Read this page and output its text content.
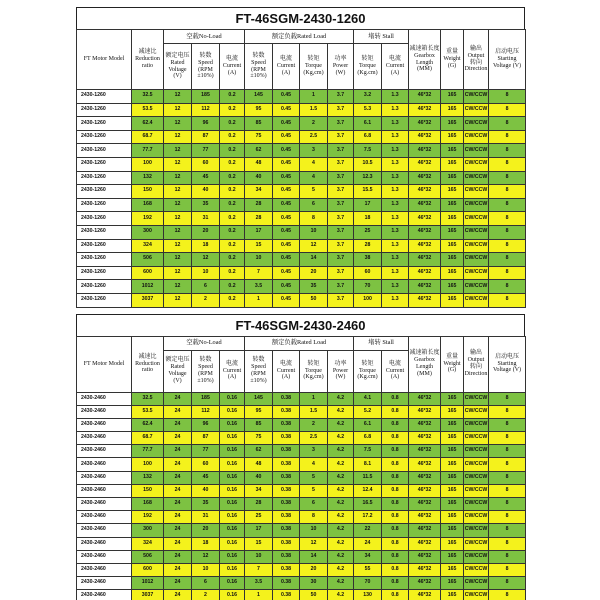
FT-46SGM-2430-1260
FT Motor Model	减速比 Reduction ratio	空载No-Load			额定负载Rated Load				堵转 Stall		减速箱长度 Gearbox Length (MM)	重量 Weight (G)	输出 Output 转向 Direction	启动电压 Starting Voltage (V)
		额定电压Rated Voltage (V)	转数 Speed (RPM ±10%)	电流 Current (A)	转数 Speed (RPM ±10%)	电流 Current (A)	转矩 Torque (Kg,cm)	功率 Power (W)	转矩 Torque (Kg.cm)	电流 Current (A)				
2430-1260	32.5	12	185	0.2	145	0.45	1	3.7	3.2	1.3	46*32	165	CW/CCW	8
2430-1260	53.5	12	112	0.2	95	0.45	1.5	3.7	5.3	1.3	46*32	165	CW/CCW	8
2430-1260	62.4	12	96	0.2	85	0.45	2	3.7	6.1	1.3	46*32	165	CW/CCW	8
2430-1260	68.7	12	87	0.2	75	0.45	2.5	3.7	6.8	1.3	46*32	165	CW/CCW	8
2430-1260	77.7	12	77	0.2	62	0.45	3	3.7	7.5	1.3	46*32	165	CW/CCW	8
2430-1260	100	12	60	0.2	48	0.45	4	3.7	10.5	1.3	46*32	165	CW/CCW	8
2430-1260	132	12	45	0.2	40	0.45	4	3.7	12.3	1.3	46*32	165	CW/CCW	8
2430-1260	150	12	40	0.2	34	0.45	5	3.7	15.5	1.3	46*32	165	CW/CCW	8
2430-1260	168	12	35	0.2	28	0.45	6	3.7	17	1.3	46*32	165	CW/CCW	8
2430-1260	192	12	31	0.2	28	0.45	8	3.7	18	1.3	46*32	165	CW/CCW	8
2430-1260	300	12	20	0.2	17	0.45	10	3.7	25	1.3	46*32	165	CW/CCW	8
2430-1260	324	12	18	0.2	15	0.45	12	3.7	28	1.3	46*32	165	CW/CCW	8
2430-1260	506	12	12	0.2	10	0.45	14	3.7	38	1.3	46*32	165	CW/CCW	8
2430-1260	600	12	10	0.2	7	0.45	20	3.7	60	1.3	46*32	165	CW/CCW	8
2430-1260	1012	12	6	0.2	3.5	0.45	35	3.7	70	1.3	46*32	165	CW/CCW	8
2430-1260	3037	12	2	0.2	1	0.45	50	3.7	100	1.3	46*32	165	CW/CCW	8
FT-46SGM-2430-2460
FT Motor Model	减速比 Reduction ratio	空载No-Load			额定负载Rated Load				堵转 Stall		减速箱长度 Gearbox Length (MM)	重量 Weight (G)	输出 Output 转向 Direction	启动电压 Starting Voltage (V)
		额定电压Rated Voltage (V)	转数 Speed (RPM ±10%)	电流 Current (A)	转数 Speed (RPM ±10%)	电流 Current (A)	转矩 Torque (Kg,cm)	功率 Power (W)	转矩 Torque (Kg.cm)	电流 Current (A)				
2430-2460	32.5	24	185	0.16	145	0.38	1	4.2	4.1	0.8	46*32	165	CW/CCW	8
2430-2460	53.5	24	112	0.16	95	0.38	1.5	4.2	5.2	0.8	46*32	165	CW/CCW	8
2430-2460	62.4	24	96	0.16	85	0.38	2	4.2	6.1	0.8	46*32	165	CW/CCW	8
2430-2460	68.7	24	87	0.16	75	0.38	2.5	4.2	6.8	0.8	46*32	165	CW/CCW	8
2430-2460	77.7	24	77	0.16	62	0.38	3	4.2	7.5	0.8	46*32	165	CW/CCW	8
2430-2460	100	24	60	0.16	48	0.38	4	4.2	8.1	0.8	46*32	165	CW/CCW	8
2430-2460	132	24	45	0.16	40	0.38	5	4.2	11.5	0.8	46*32	165	CW/CCW	8
2430-2460	150	24	40	0.16	34	0.38	5	4.2	12.4	0.8	46*32	165	CW/CCW	8
2430-2460	168	24	35	0.16	28	0.38	6	4.2	16.5	0.8	46*32	165	CW/CCW	8
2430-2460	192	24	31	0.16	25	0.38	8	4.2	17.2	0.8	46*32	165	CW/CCW	8
2430-2460	300	24	20	0.16	17	0.38	10	4.2	22	0.8	46*32	165	CW/CCW	8
2430-2460	324	24	18	0.16	15	0.38	12	4.2	24	0.8	46*32	165	CW/CCW	8
2430-2460	506	24	12	0.16	10	0.38	14	4.2	34	0.8	46*32	165	CW/CCW	8
2430-2460	600	24	10	0.16	7	0.38	20	4.2	55	0.8	46*32	165	CW/CCW	8
2430-2460	1012	24	6	0.16	3.5	0.38	30	4.2	70	0.8	46*32	165	CW/CCW	8
2430-2460	3037	24	2	0.16	1	0.38	50	4.2	130	0.8	46*32	165	CW/CCW	8
